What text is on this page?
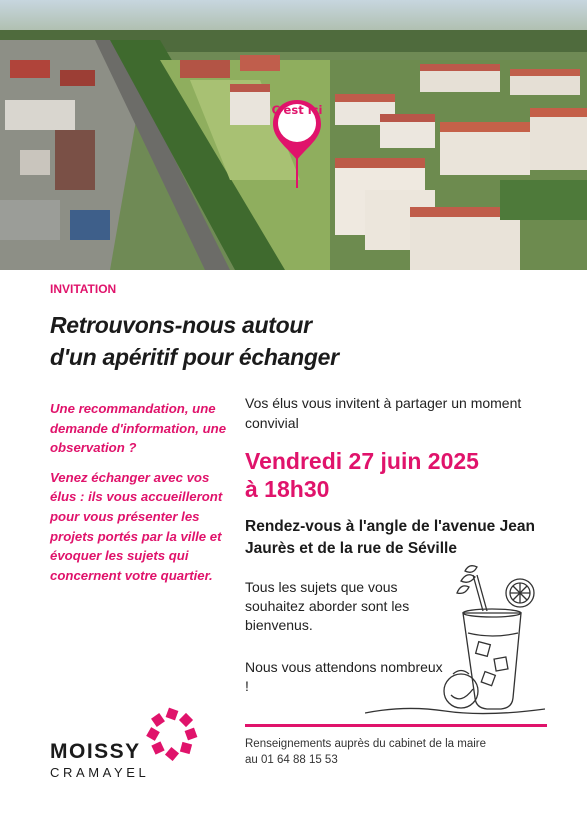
C'est ici
INVITATION
Retrouvons-nous autour
d'un apéritif pour échanger

Une recommandation, une demande d'information, une observation ?

Venez échanger avec vos élus : ils vous accueilleront pour vous présenter les projets portés par la ville et évoquer les sujets qui concernent votre quartier.

Vos élus vous invitent à partager un moment convivial
Vendredi 27 juin 2025
à 18h30
Rendez-vous à l'angle de l'avenue Jean Jaurès et de la rue de Séville
Tous les sujets que vous souhaitez aborder sont les bienvenus.
Nous vous attendons nombreux !
Renseignements auprès du cabinet de la maire
au 01 64 88 15 53
MOISSY
CRAMAYEL
